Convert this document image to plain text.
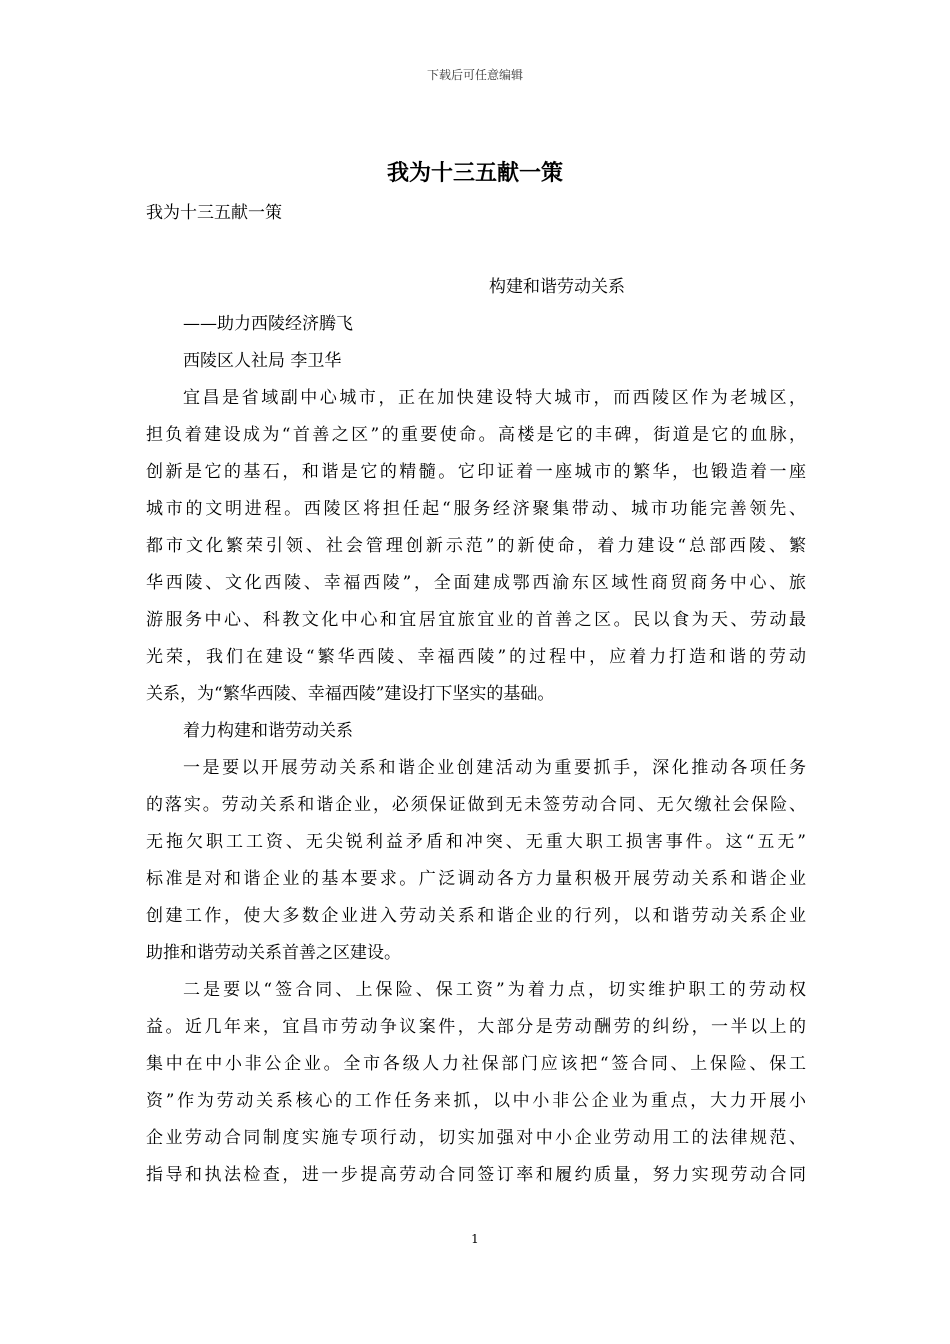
下载后可任意编辑
我为十三五献一策

我为十三五献一策

构建和谐劳动关系

——助力西陵经济腾飞

西陵区人社局 李卫华

宜昌是省域副中心城市，正在加快建设特大城市，而西陵区作为老城区，

担负着建设成为“首善之区”的重要使命。高楼是它的丰碑，街道是它的血脉，

创新是它的基石，和谐是它的精髓。它印证着一座城市的繁华，也锻造着一座

城市的文明进程。西陵区将担任起“服务经济聚集带动、城市功能完善领先、

都市文化繁荣引领、社会管理创新示范”的新使命，着力建设“总部西陵、繁

华西陵、文化西陵、幸福西陵”，全面建成鄂西渝东区域性商贸商务中心、旅

游服务中心、科教文化中心和宜居宜旅宜业的首善之区。民以食为天、劳动最

光荣，我们在建设“繁华西陵、幸福西陵”的过程中，应着力打造和谐的劳动

关系，为“繁华西陵、幸福西陵”建设打下坚实的基础。

着力构建和谐劳动关系

一是要以开展劳动关系和谐企业创建活动为重要抓手，深化推动各项任务

的落实。劳动关系和谐企业，必须保证做到无未签劳动合同、无欠缴社会保险、

无拖欠职工工资、无尖锐利益矛盾和冲突、无重大职工损害事件。这“五无”

标准是对和谐企业的基本要求。广泛调动各方力量积极开展劳动关系和谐企业

创建工作，使大多数企业进入劳动关系和谐企业的行列，以和谐劳动关系企业

助推和谐劳动关系首善之区建设。

二是要以“签合同、上保险、保工资”为着力点，切实维护职工的劳动权

益。近几年来，宜昌市劳动争议案件，大部分是劳动酬劳的纠纷，一半以上的

集中在中小非公企业。全市各级人力社保部门应该把“签合同、上保险、保工

资”作为劳动关系核心的工作任务来抓，以中小非公企业为重点，大力开展小

企业劳动合同制度实施专项行动，切实加强对中小企业劳动用工的法律规范、

指导和执法检查，进一步提高劳动合同签订率和履约质量，努力实现劳动合同

1
